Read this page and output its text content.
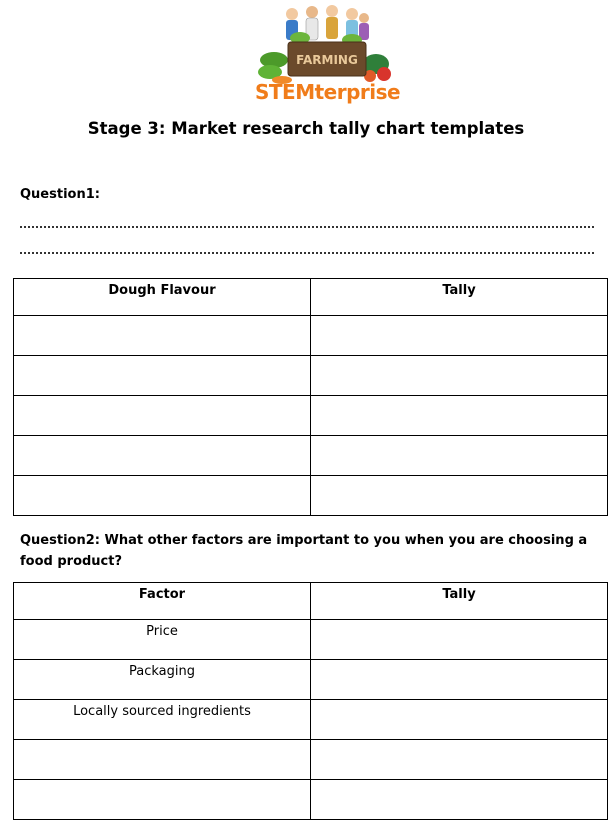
FARMING
STEMterprise
Stage 3: Market research tally chart templates
Question1:
Dough Flavour	Tally

Question2: What other factors are important to you when you are choosing a food product?
Factor	Tally
Price	
Packaging	
Locally sourced ingredients	
